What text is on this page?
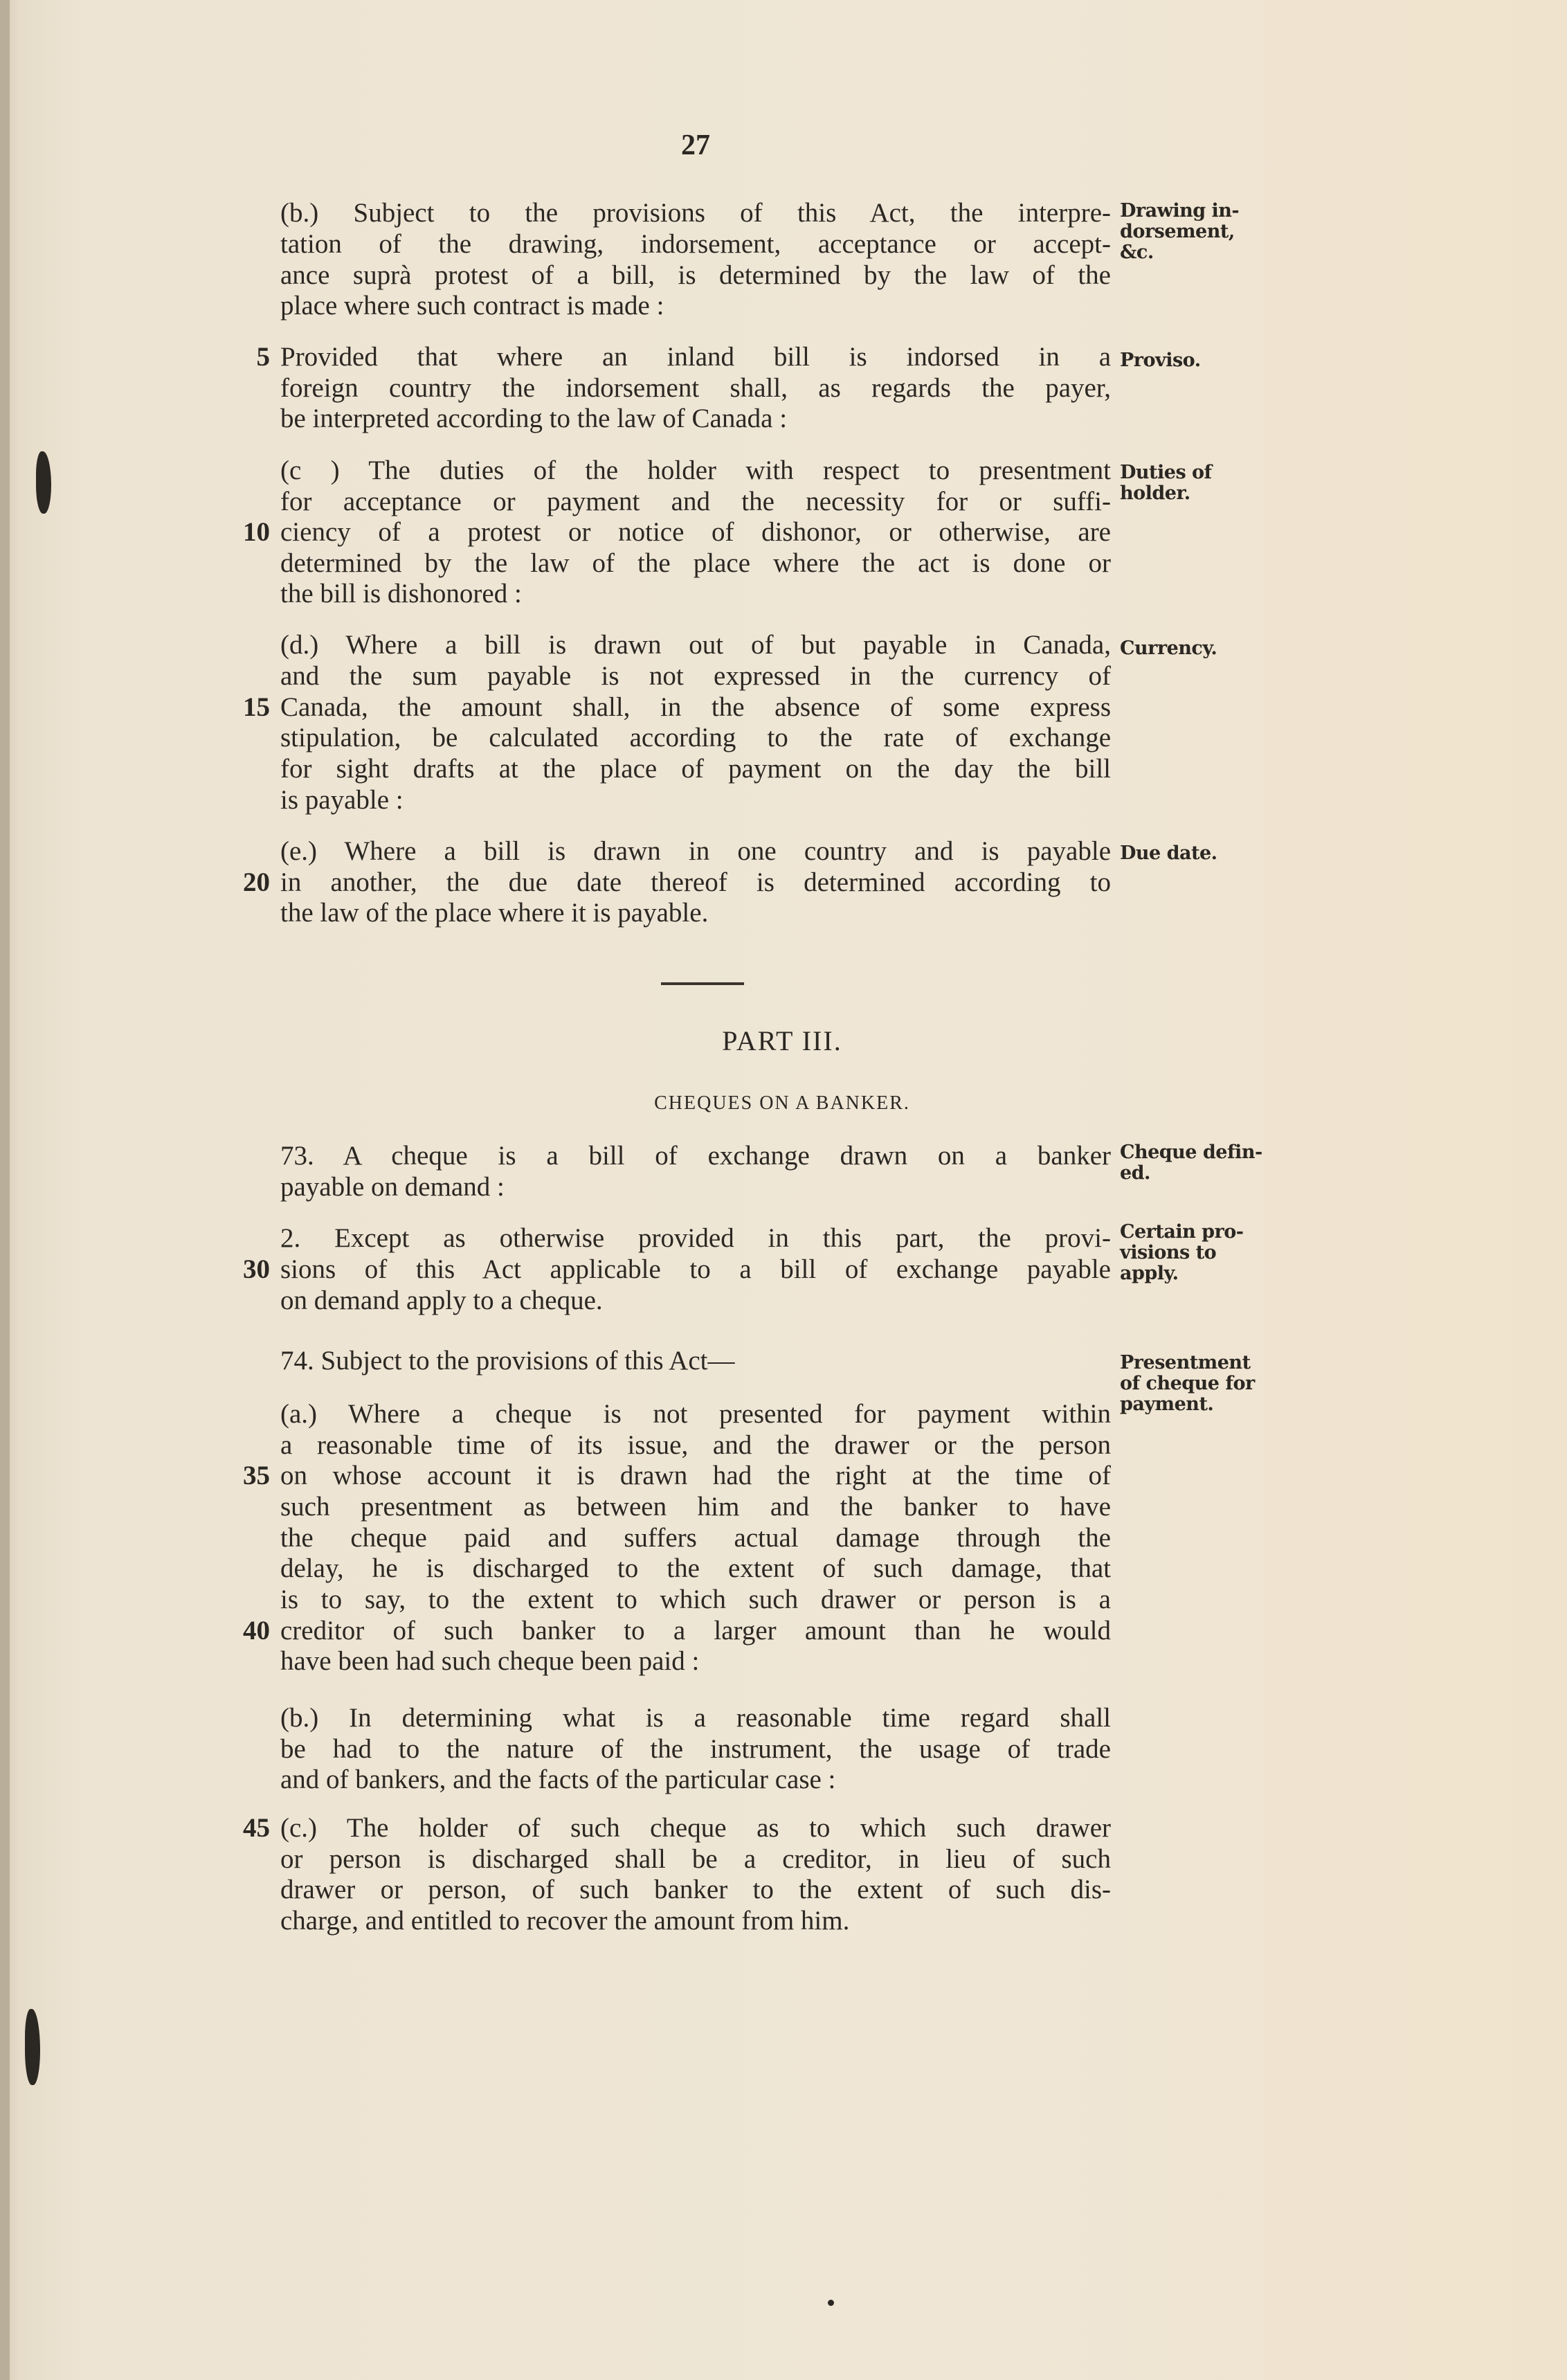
27
(b.) Subject to the provisions of this Act, the interpre-
tation of the drawing, indorsement, acceptance or accept-
ance suprà protest of a bill, is determined by the law of the
place where such contract is made :
Provided that where an inland bill is indorsed in a
foreign country the indorsement shall, as regards the payer,
be interpreted according to the law of Canada :
(c ) The duties of the holder with respect to presentment
for acceptance or payment and the necessity for or suffi-
ciency of a protest or notice of dishonor, or otherwise, are
determined by the law of the place where the act is done or
the bill is dishonored :
(d.) Where a bill is drawn out of but payable in Canada,
and the sum payable is not expressed in the currency of
Canada, the amount shall, in the absence of some express
stipulation, be calculated according to the rate of exchange
for sight drafts at the place of payment on the day the bill
is payable :
(e.) Where a bill is drawn in one country and is payable
in another, the due date thereof is determined according to
the law of the place where it is payable.
PART III.
CHEQUES ON A BANKER.
73. A cheque is a bill of exchange drawn on a banker
payable on demand :
2. Except as otherwise provided in this part, the provi-
sions of this Act applicable to a bill of exchange payable
on demand apply to a cheque.
74. Subject to the provisions of this Act—
(a.) Where a cheque is not presented for payment within
a reasonable time of its issue, and the drawer or the person
on whose account it is drawn had the right at the time of
such presentment as between him and the banker to have
the cheque paid and suffers actual damage through the
delay, he is discharged to the extent of such damage, that
is to say, to the extent to which such drawer or person is a
creditor of such banker to a larger amount than he would
have been had such cheque been paid :
(b.) In determining what is a reasonable time regard shall
be had to the nature of the instrument, the usage of trade
and of bankers, and the facts of the particular case :
(c.) The holder of such cheque as to which such drawer
or person is discharged shall be a creditor, in lieu of such
drawer or person, of such banker to the extent of such dis-
charge, and entitled to recover the amount from him.
5
10
15
20
30
35
40
45
Drawing in-
dorsement,
&c.
Proviso.
Duties of
holder.
Currency.
Due date.
Cheque defin-
ed.
Certain pro-
visions to
apply.
Presentment
of cheque for
payment.
